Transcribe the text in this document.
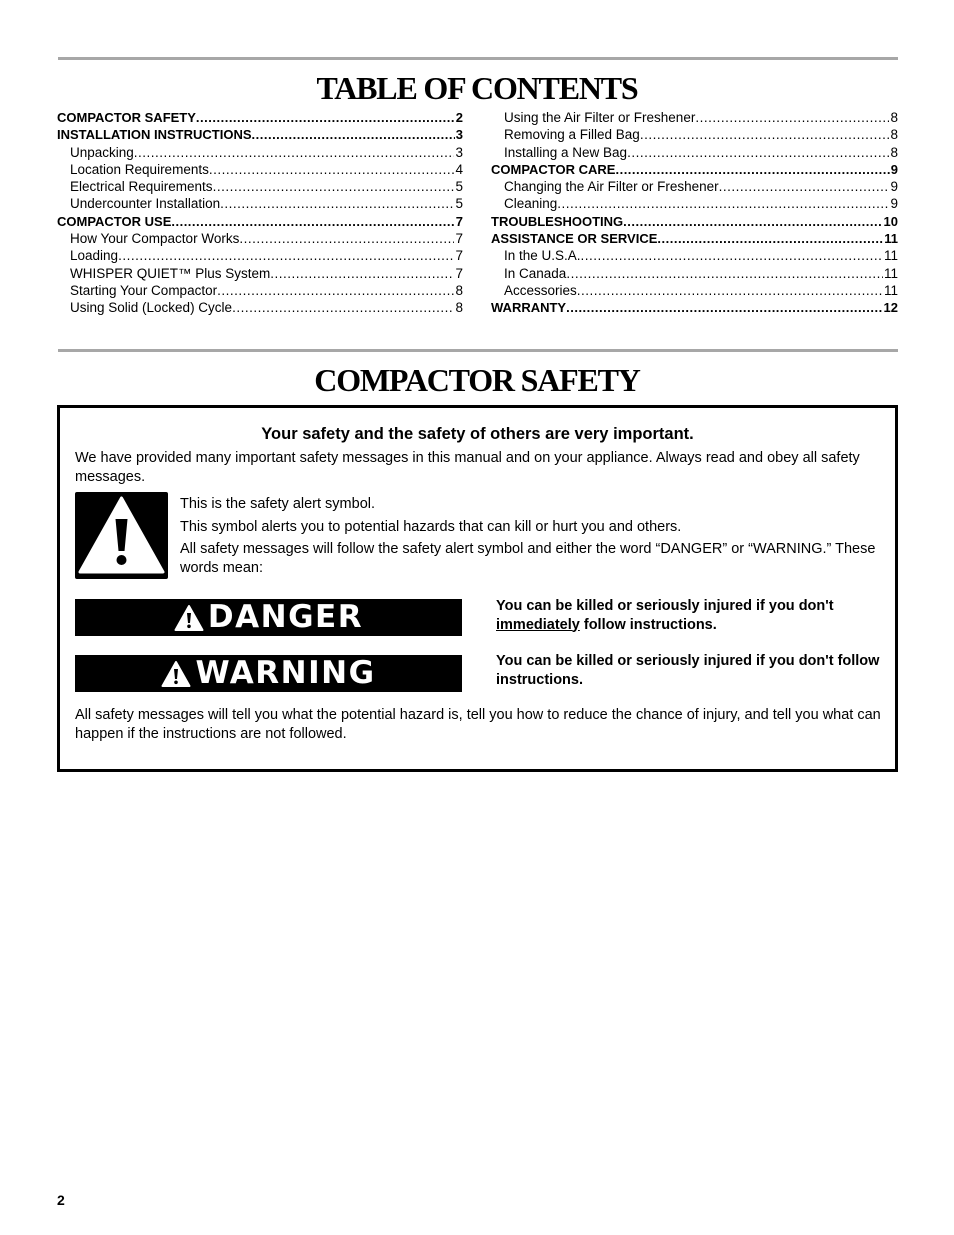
TABLE OF CONTENTS
COMPACTOR SAFETY .....	2
INSTALLATION INSTRUCTIONS .....	3
Unpacking .....	3
Location Requirements .....	4
Electrical Requirements .....	5
Undercounter Installation .....	5
COMPACTOR USE .....	7
How Your Compactor Works .....	7
Loading .....	7
WHISPER QUIET™ Plus System .....	7
Starting Your Compactor .....	8
Using Solid (Locked) Cycle .....	8
Using the Air Filter or Freshener .....	8
Removing a Filled Bag .....	8
Installing a New Bag .....	8
COMPACTOR CARE .....	9
Changing the Air Filter or Freshener .....	9
Cleaning .....	9
TROUBLESHOOTING .....	10
ASSISTANCE OR SERVICE .....	11
In the U.S.A. .....	11
In Canada .....	11
Accessories .....	11
WARRANTY .....	12
COMPACTOR SAFETY
Your safety and the safety of others are very important.

We have provided many important safety messages in this manual and on your appliance. Always read and obey all safety messages.

This is the safety alert symbol.

This symbol alerts you to potential hazards that can kill or hurt you and others.

All safety messages will follow the safety alert symbol and either the word “DANGER” or “WARNING.” These words mean:

DANGER	You can be killed or seriously injured if you don't immediately follow instructions.

WARNING	You can be killed or seriously injured if you don't follow instructions.

All safety messages will tell you what the potential hazard is, tell you how to reduce the chance of injury, and tell you what can happen if the instructions are not followed.

2
